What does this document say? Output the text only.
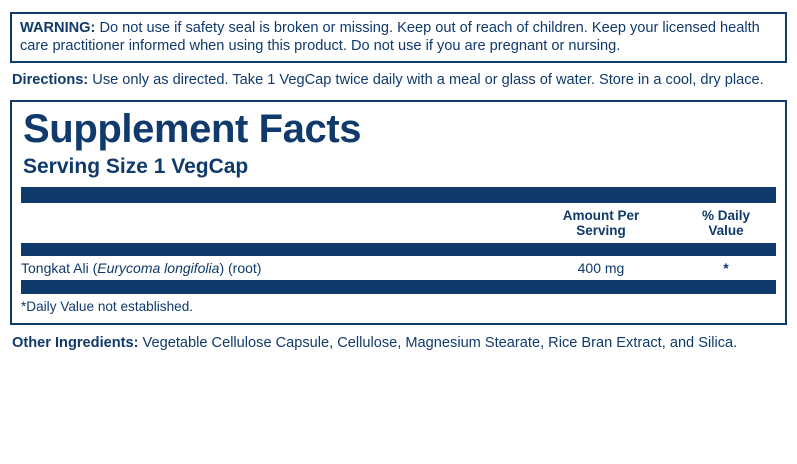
WARNING: Do not use if safety seal is broken or missing. Keep out of reach of children. Keep your licensed health care practitioner informed when using this product. Do not use if you are pregnant or nursing.
Directions: Use only as directed. Take 1 VegCap twice daily with a meal or glass of water. Store in a cool, dry place.
Supplement Facts
Serving Size 1 VegCap
Amount Per
Serving
% Daily
Value
Tongkat Ali (Eurycoma longifolia) (root)	400 mg	*
*Daily Value not established.
Other Ingredients: Vegetable Cellulose Capsule, Cellulose, Magnesium Stearate, Rice Bran Extract, and Silica.
